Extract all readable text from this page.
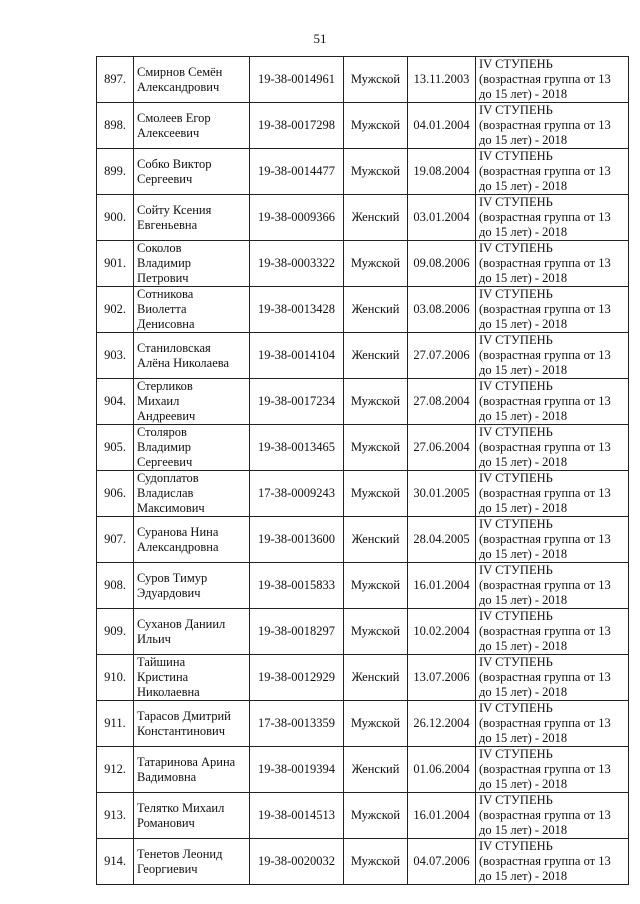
51
897.	Смирнов Семён
Александрович	19-38-0014961	Мужской	13.11.2003	IV СТУПЕНЬ
(возрастная группа от 13
до 15 лет) - 2018

898.	Смолеев Егор
Алексеевич	19-38-0017298	Мужской	04.01.2004	IV СТУПЕНЬ
(возрастная группа от 13
до 15 лет) - 2018

899.	Собко Виктор
Сергеевич	19-38-0014477	Мужской	19.08.2004	IV СТУПЕНЬ
(возрастная группа от 13
до 15 лет) - 2018

900.	Сойту Ксения
Евгеньевна	19-38-0009366	Женский	03.01.2004	IV СТУПЕНЬ
(возрастная группа от 13
до 15 лет) - 2018

901.	Соколов
Владимир
Петрович	19-38-0003322	Мужской	09.08.2006	IV СТУПЕНЬ
(возрастная группа от 13
до 15 лет) - 2018

902.	Сотникова
Виолетта
Денисовна	19-38-0013428	Женский	03.08.2006	IV СТУПЕНЬ
(возрастная группа от 13
до 15 лет) - 2018

903.	Станиловская
Алёна Николаева	19-38-0014104	Женский	27.07.2006	IV СТУПЕНЬ
(возрастная группа от 13
до 15 лет) - 2018

904.	Стерликов
Михаил
Андреевич	19-38-0017234	Мужской	27.08.2004	IV СТУПЕНЬ
(возрастная группа от 13
до 15 лет) - 2018

905.	Столяров
Владимир
Сергеевич	19-38-0013465	Мужской	27.06.2004	IV СТУПЕНЬ
(возрастная группа от 13
до 15 лет) - 2018

906.	Судоплатов
Владислав
Максимович	17-38-0009243	Мужской	30.01.2005	IV СТУПЕНЬ
(возрастная группа от 13
до 15 лет) - 2018

907.	Суранова Нина
Александровна	19-38-0013600	Женский	28.04.2005	IV СТУПЕНЬ
(возрастная группа от 13
до 15 лет) - 2018

908.	Суров Тимур
Эдуардович	19-38-0015833	Мужской	16.01.2004	IV СТУПЕНЬ
(возрастная группа от 13
до 15 лет) - 2018

909.	Суханов Даниил
Ильич	19-38-0018297	Мужской	10.02.2004	IV СТУПЕНЬ
(возрастная группа от 13
до 15 лет) - 2018

910.	Тайшина
Кристина
Николаевна	19-38-0012929	Женский	13.07.2006	IV СТУПЕНЬ
(возрастная группа от 13
до 15 лет) - 2018

911.	Тарасов Дмитрий
Константинович	17-38-0013359	Мужской	26.12.2004	IV СТУПЕНЬ
(возрастная группа от 13
до 15 лет) - 2018

912.	Татаринова Арина
Вадимовна	19-38-0019394	Женский	01.06.2004	IV СТУПЕНЬ
(возрастная группа от 13
до 15 лет) - 2018

913.	Телятко Михаил
Романович	19-38-0014513	Мужской	16.01.2004	IV СТУПЕНЬ
(возрастная группа от 13
до 15 лет) - 2018

914.	Тенетов Леонид
Георгиевич	19-38-0020032	Мужской	04.07.2006	IV СТУПЕНЬ
(возрастная группа от 13
до 15 лет) - 2018
